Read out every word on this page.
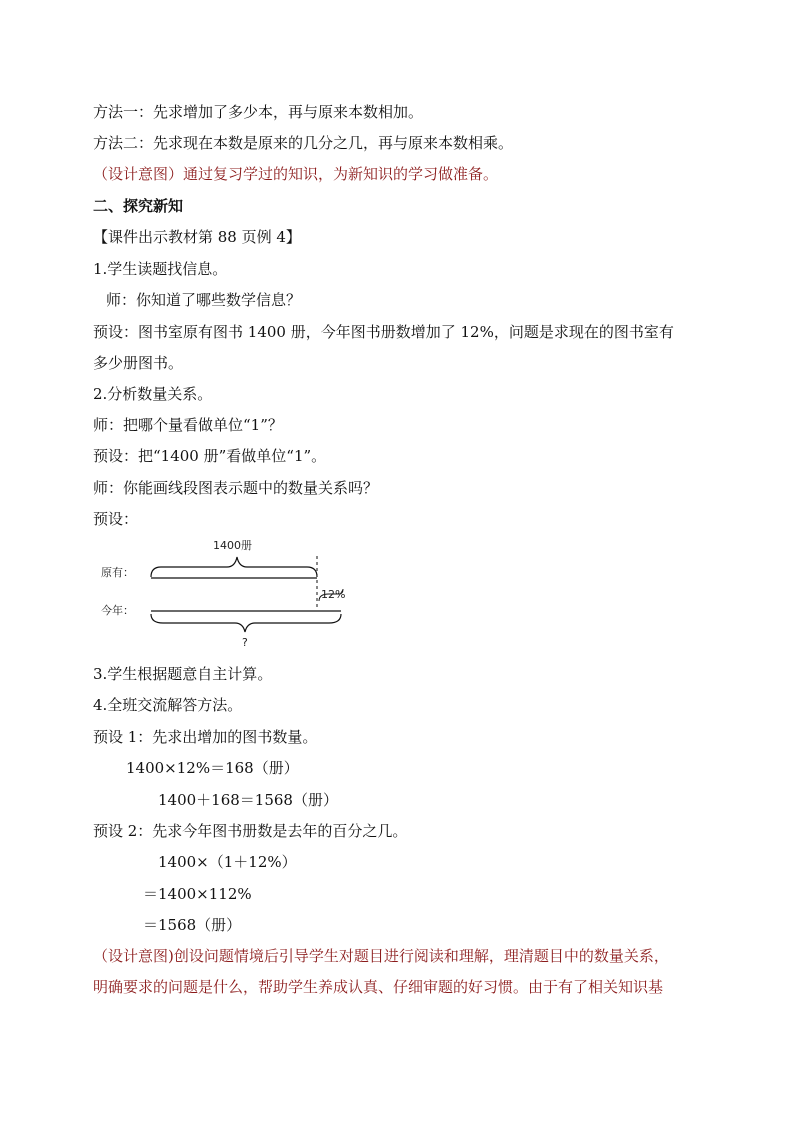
方法一：先求增加了多少本，再与原来本数相加。
方法二：先求现在本数是原来的几分之几，再与原来本数相乘。
（设计意图）通过复习学过的知识，为新知识的学习做准备。
二、探究新知
【课件出示教材第 88 页例 4】
1.学生读题找信息。
师：你知道了哪些数学信息？
预设：图书室原有图书 1400 册，今年图书册数增加了 12%，问题是求现在的图书室有
多少册图书。
2.分析数量关系。
师：把哪个量看做单位“1”？
预设：把“1400 册”看做单位“1”。
师：你能画线段图表示题中的数量关系吗？
预设：
1400册
原有：
12%
今年：
?
3.学生根据题意自主计算。
4.全班交流解答方法。
预设 1：先求出增加的图书数量。
1400×12%＝168（册）
1400＋168＝1568（册）
预设 2：先求今年图书册数是去年的百分之几。
1400×（1＋12%）
＝1400×112%
＝1568（册）
（设计意图)创设问题情境后引导学生对题目进行阅读和理解，理清题目中的数量关系，
明确要求的问题是什么，帮助学生养成认真、仔细审题的好习惯。由于有了相关知识基
